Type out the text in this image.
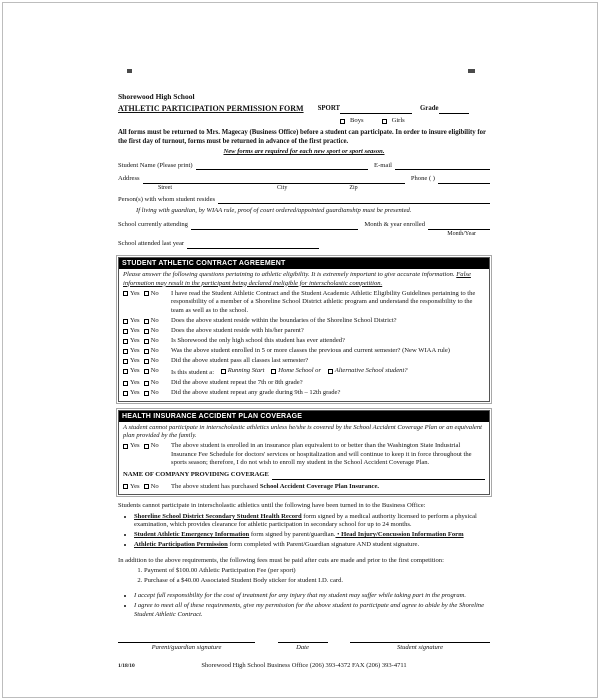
Shorewood High School
ATHLETIC PARTICIPATION PERMISSION FORM SPORT	Grade
Boys	Girls
All forms must be returned to Mrs. Magecay (Business Office) before a student can participate. In order to insure eligibility for the first day of turnout, forms must be returned in advance of the first practice.
New forms are required for each new sport or sport season.
Student Name (Please print)	E-mail
Address	Phone ( )
Street	City	Zip
Person(s) with whom student resides
If living with guardian, by WIAA rule, proof of court ordered/appointed guardianship must be presented.
School currently attending	Month & year enrolled
Month/Year
School attended last year
STUDENT ATHLETIC CONTRACT AGREEMENT
Please answer the following questions pertaining to athletic eligibility. It is extremely important to give accurate information. False information may result in the participant being declared ineligible for interscholastic competition.
Yes No I have read the Student Athletic Contract and the Student Academic Athletic Eligibility Guidelines pertaining to the responsibility of a member of a Shoreline School District athletic program and understand the responsibility to the team as well as to the school.
Yes No Does the above student reside within the boundaries of the Shoreline School District?
Yes No Does the above student reside with his/her parent?
Yes No Is Shorewood the only high school this student has ever attended?
Yes No Was the above student enrolled in 5 or more classes the previous and current semester? (New WIAA rule)
Yes No Did the above student pass all classes last semester?
Yes No Is this student a: Running Start
Home School or
Alternative School student?
Yes No Did the above student repeat the 7th or 8th grade?
Yes No Did the above student repeat any grade during 9th – 12th grade?
HEALTH INSURANCE ACCIDENT PLAN COVERAGE
A student cannot participate in interscholastic athletics unless he/she is covered by the School Accident Coverage Plan or an equivalent plan provided by the family.
Yes No The above student is enrolled in an insurance plan equivalent to or better than the Washington State Industrial Insurance Fee Schedule for doctors' services or hospitalization and will continue to keep it in force throughout the sports season; therefore, I do not wish to enroll my student in the School Accident Coverage Plan.
NAME OF COMPANY PROVIDING COVERAGE
Yes No The above student has purchased School Accident Coverage Plan Insurance.
Students cannot participate in interscholastic athletics until the following have been turned in to the Business Office:
• Shoreline School District Secondary Student Health Record form signed by a medical authority licensed to perform a physical examination, which provides clearance for athletic participation in secondary school for up to 24 months.
• Student Athletic Emergency Information form signed by parent/guardian. • Head Injury/Concussion Information Form
• Athletic Participation Permission form completed with Parent/Guardian signature AND student signature.
In addition to the above requirements, the following fees must be paid after cuts are made and prior to the first competition:
1. Payment of $100.00 Athletic Participation Fee (per sport)
2. Purchase of a $40.00 Associated Student Body sticker for student I.D. card.
• I accept full responsibility for the cost of treatment for any injury that my student may suffer while taking part in the program.
• I agree to meet all of these requirements, give my permission for the above student to participate and agree to abide by the Shoreline Student Athletic Contract.
Parent/guardian signature	Date	Student signature
1/18/10	Shorewood High School Business Office (206) 393-4372 FAX (206) 393-4711
